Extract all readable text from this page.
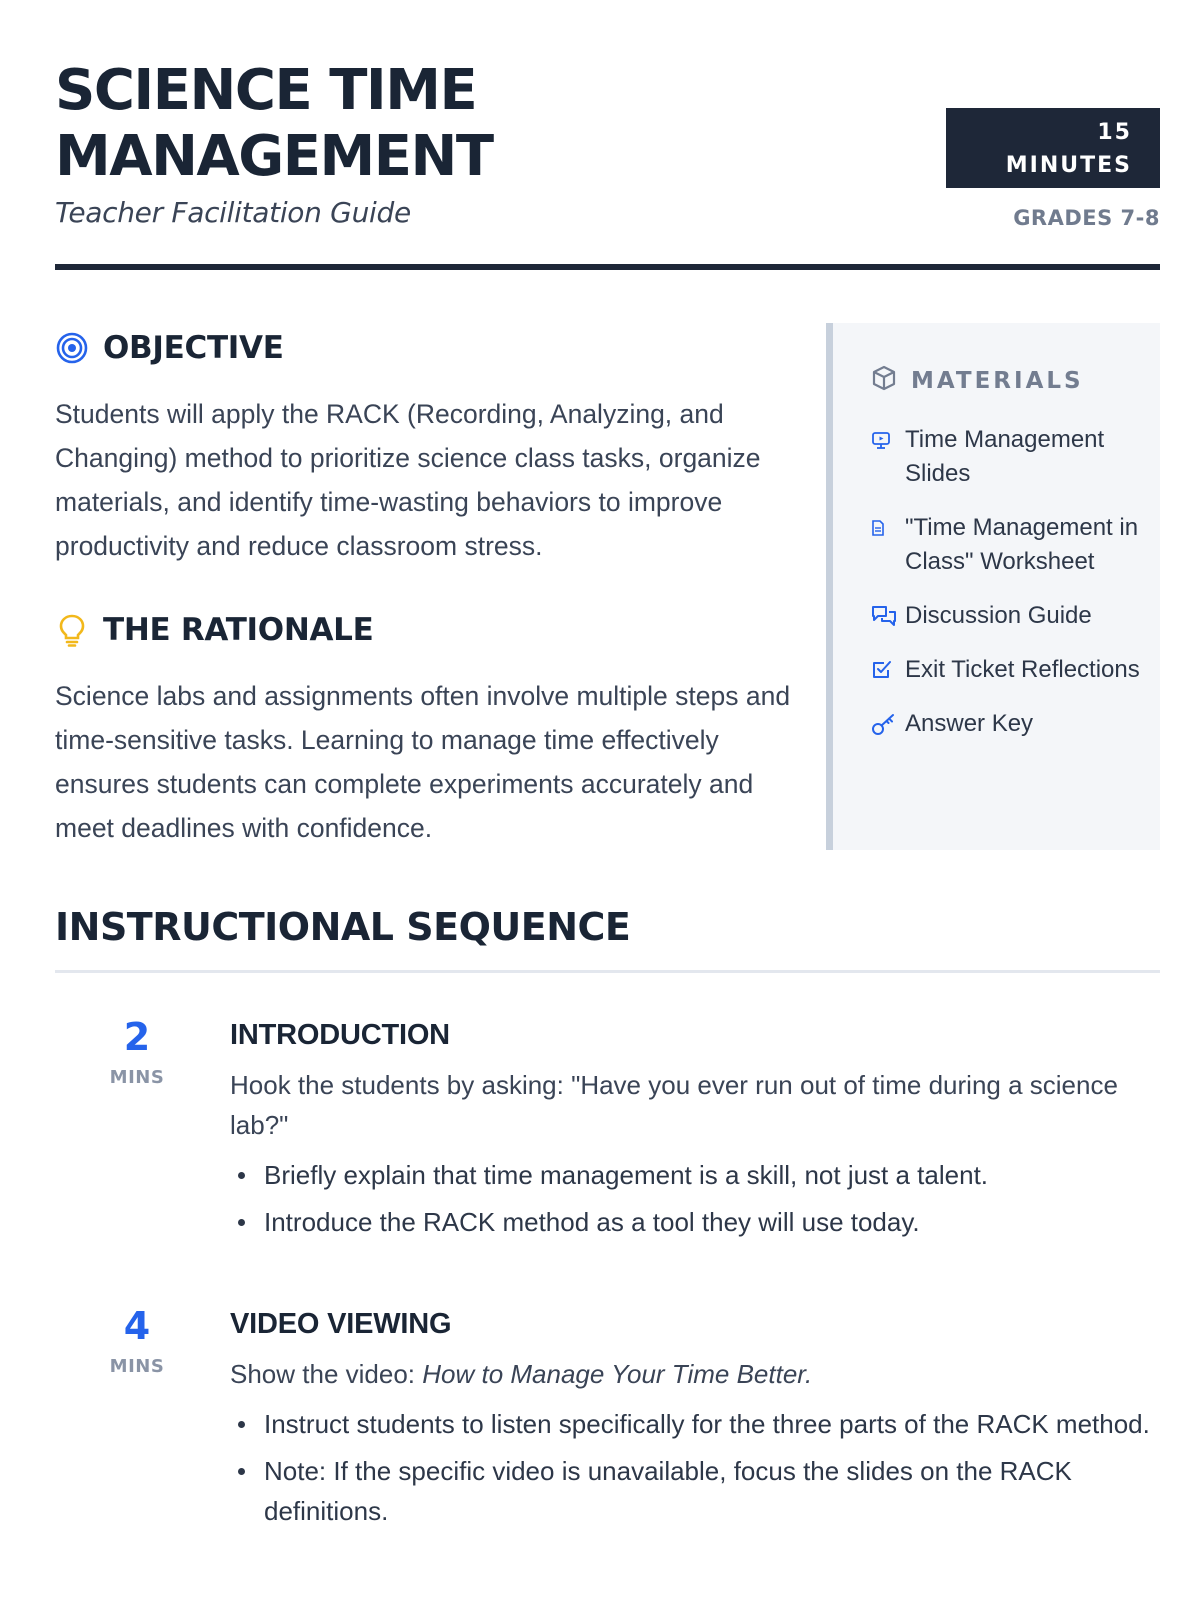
SCIENCE TIME MANAGEMENT
Teacher Facilitation Guide
15
MINUTES
GRADES 7-8
OBJECTIVE

Students will apply the RACK (Recording, Analyzing, and Changing) method to prioritize science class tasks, organize materials, and identify time-wasting behaviors to improve productivity and reduce classroom stress.

THE RATIONALE

Science labs and assignments often involve multiple steps and time-sensitive tasks. Learning to manage time effectively ensures students can complete experiments accurately and meet deadlines with confidence.

MATERIALS
Time Management Slides
"Time Management in Class" Worksheet
Discussion Guide
Exit Ticket Reflections
Answer Key
INSTRUCTIONAL SEQUENCE
2
MINS
INTRODUCTION

Hook the students by asking: "Have you ever run out of time during a science lab?"

Briefly explain that time management is a skill, not just a talent.
Introduce the RACK method as a tool they will use today.
4
MINS
VIDEO VIEWING

Show the video: How to Manage Your Time Better.

Instruct students to listen specifically for the three parts of the RACK method.
Note: If the specific video is unavailable, focus the slides on the RACK definitions.
